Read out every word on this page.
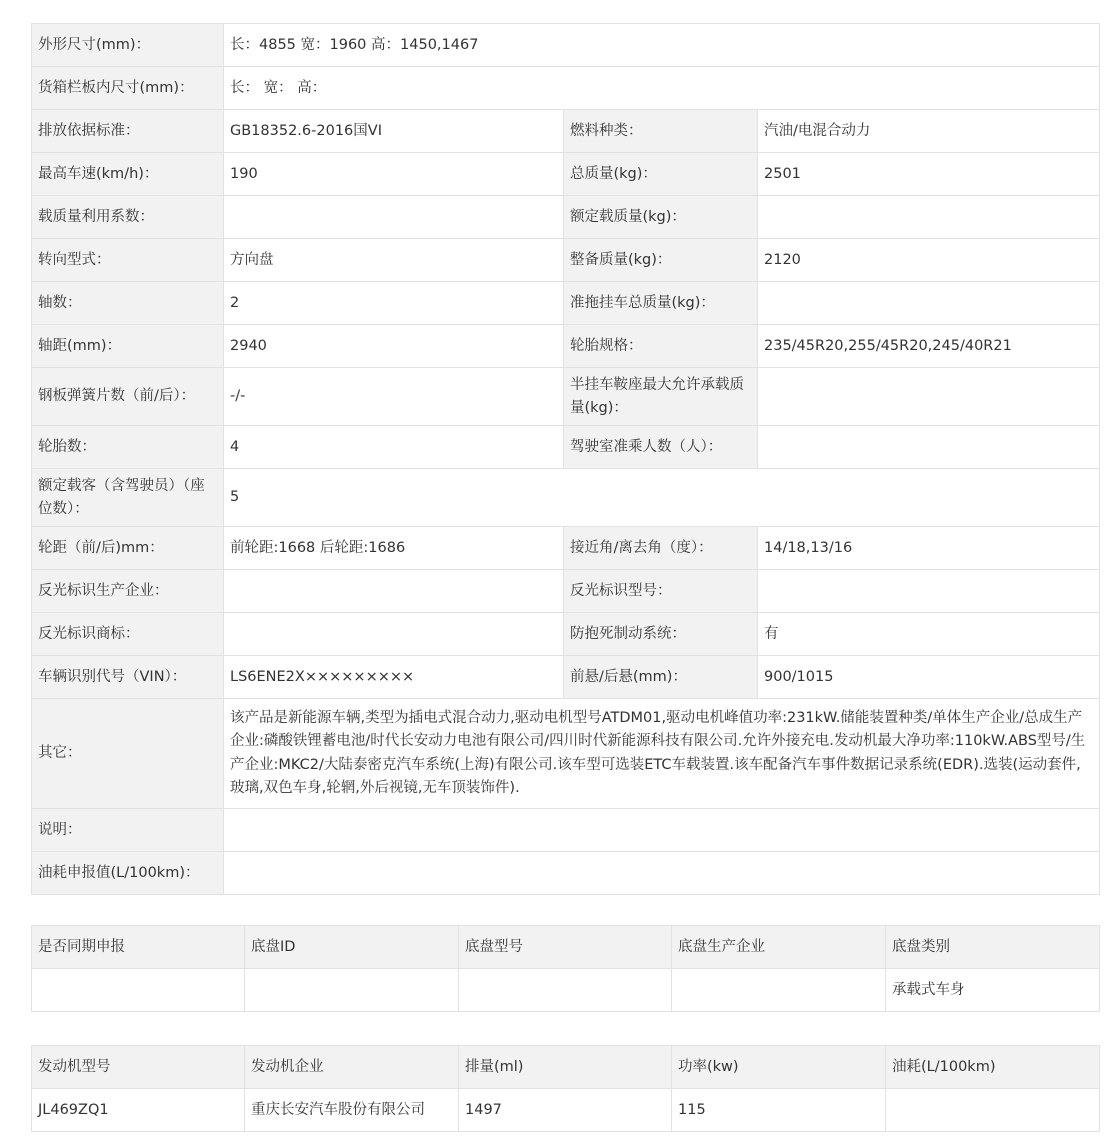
外形尺寸(mm)：	长：4855 宽：1960 高：1450,1467		
货箱栏板内尺寸(mm)：	长： 宽： 高：		
排放依据标准：	GB18352.6-2016国VI	燃料种类：	汽油/电混合动力
最高车速(km/h)：	190	总质量(kg)：	2501
载质量利用系数：		额定载质量(kg)：	
转向型式：	方向盘	整备质量(kg)：	2120
轴数：	2	准拖挂车总质量(kg)：	
轴距(mm)：	2940	轮胎规格：	235/45R20,255/45R20,245/40R21
钢板弹簧片数（前/后）：	-/-	半挂车鞍座最大允许承载质量(kg)：	
轮胎数：	4	驾驶室准乘人数（人）：	
额定载客（含驾驶员）（座位数）：	5		
轮距（前/后)mm：	前轮距:1668 后轮距:1686	接近角/离去角（度）：	14/18,13/16
反光标识生产企业：		反光标识型号：	
反光标识商标：		防抱死制动系统：	有
车辆识别代号（VIN）：	LS6ENE2X×××××××××	前悬/后悬(mm)：	900/1015
其它：	该产品是新能源车辆,类型为插电式混合动力,驱动电机型号ATDM01,驱动电机峰值功率:231kW.储能装置种类/单体生产企业/总成生产企业:磷酸铁锂蓄电池/时代长安动力电池有限公司/四川时代新能源科技有限公司.允许外接充电.发动机最大净功率:110kW.ABS型号/生产企业:MKC2/大陆泰密克汽车系统(上海)有限公司.该车型可选装ETC车载装置.该车配备汽车事件数据记录系统(EDR).选装(运动套件,玻璃,双色车身,轮辋,外后视镜,无车顶装饰件).		
说明：			
油耗申报值(L/100km)：			
是否同期申报	底盘ID	底盘型号	底盘生产企业	底盘类别
				承载式车身
发动机型号	发动机企业	排量(ml)	功率(kw)	油耗(L/100km)
JL469ZQ1	重庆长安汽车股份有限公司	1497	115	
